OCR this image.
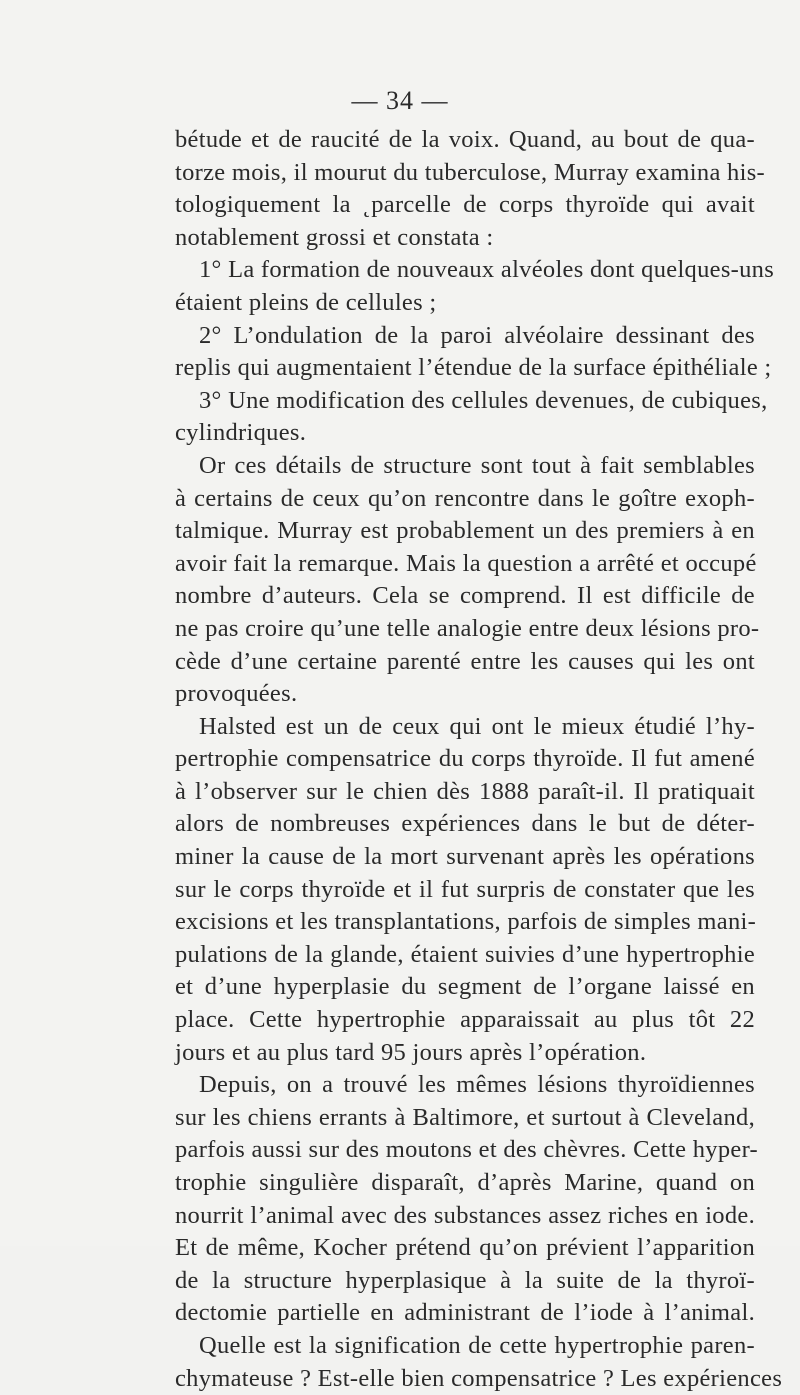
— 34 —
bétude et de raucité de la voix. Quand, au bout de qua-
torze mois, il mourut du tuberculose, Murray examina his-
tologiquement la ˛parcelle de corps thyroïde qui avait
notablement grossi et constata :
1° La formation de nouveaux alvéoles dont quelques-uns
étaient pleins de cellules ;
2° L’ondulation de la paroi alvéolaire dessinant des
replis qui augmentaient l’étendue de la surface épithéliale ;
3° Une modification des cellules devenues, de cubiques,
cylindriques.
Or ces détails de structure sont tout à fait semblables
à certains de ceux qu’on rencontre dans le goître exoph-
talmique. Murray est probablement un des premiers à en
avoir fait la remarque. Mais la question a arrêté et occupé
nombre d’auteurs. Cela se comprend. Il est difficile de
ne pas croire qu’une telle analogie entre deux lésions pro-
cède d’une certaine parenté entre les causes qui les ont
provoquées.
Halsted est un de ceux qui ont le mieux étudié l’hy-
pertrophie compensatrice du corps thyroïde. Il fut amené
à l’observer sur le chien dès 1888 paraît-il. Il pratiquait
alors de nombreuses expériences dans le but de déter-
miner la cause de la mort survenant après les opérations
sur le corps thyroïde et il fut surpris de constater que les
excisions et les transplantations, parfois de simples mani-
pulations de la glande, étaient suivies d’une hypertrophie
et d’une hyperplasie du segment de l’organe laissé en
place. Cette hypertrophie apparaissait au plus tôt 22
jours et au plus tard 95 jours après l’opération.
Depuis, on a trouvé les mêmes lésions thyroïdiennes
sur les chiens errants à Baltimore, et surtout à Cleveland,
parfois aussi sur des moutons et des chèvres. Cette hyper-
trophie singulière disparaît, d’après Marine, quand on
nourrit l’animal avec des substances assez riches en iode.
Et de même, Kocher prétend qu’on prévient l’apparition
de la structure hyperplasique à la suite de la thyroï-
dectomie partielle en administrant de l’iode à l’animal.
Quelle est la signification de cette hypertrophie paren-
chymateuse ? Est-elle bien compensatrice ? Les expériences
